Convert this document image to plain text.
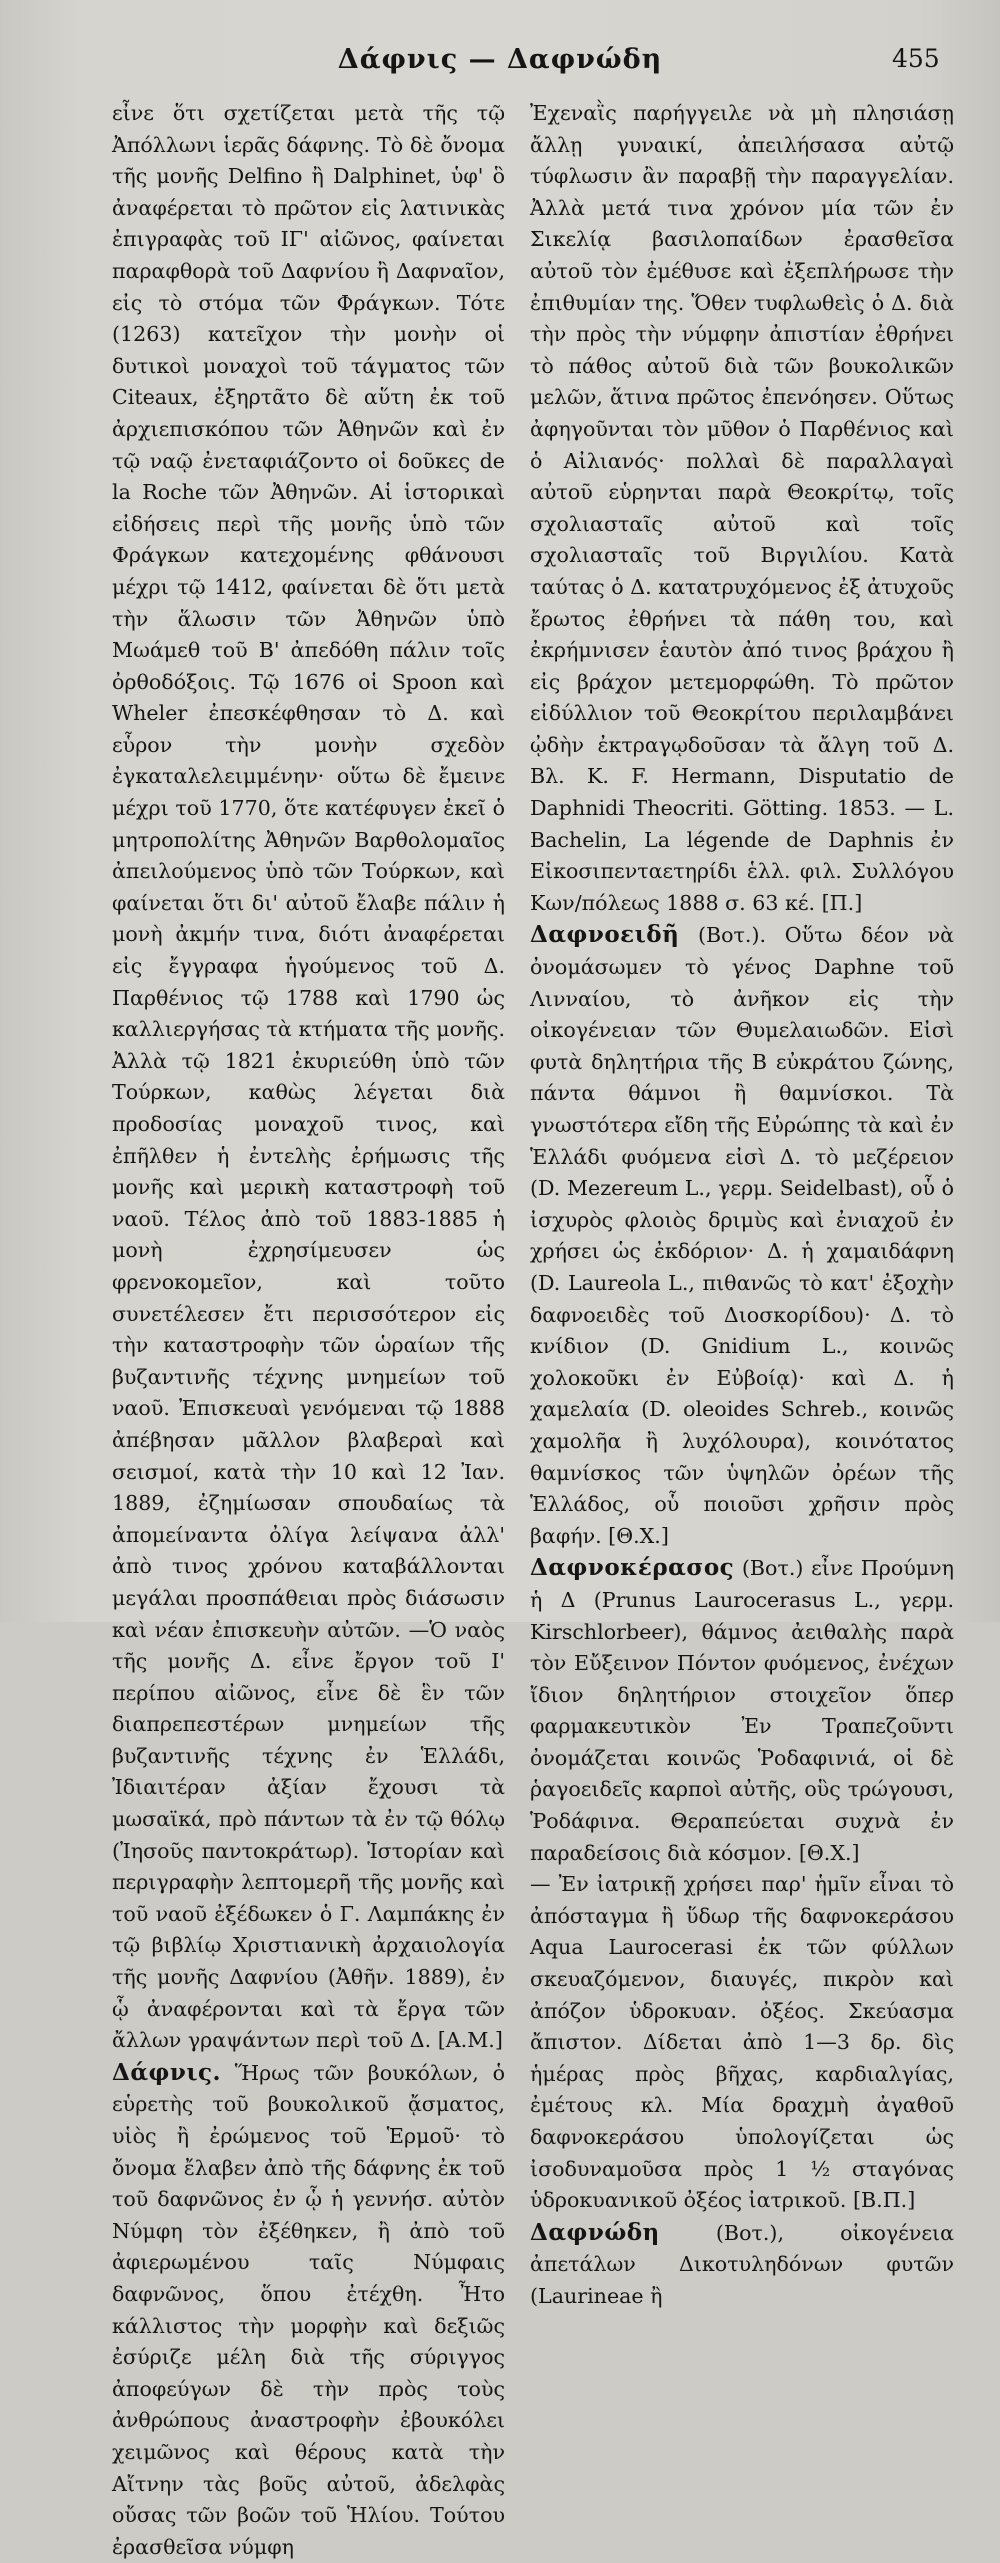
Δάφνις — Δαφνώδη	455

εἶνε ὅτι σχετίζεται μετὰ τῆς τῷ Ἀπόλλωνι ἱερᾶς δάφνης. Τὸ δὲ ὄνομα τῆς μονῆς Delfino ἢ Dalphinet, ὑφ' ὃ ἀναφέρεται τὸ πρῶτον εἰς λατινικὰς ἐπιγραφὰς τοῦ ΙΓ' αἰῶνος, φαίνεται παραφθορὰ τοῦ Δαφνίου ἢ Δαφναῖον, εἰς τὸ στόμα τῶν Φράγκων. Τότε (1263) κατεῖχον τὴν μονὴν οἱ δυτικοὶ μοναχοὶ τοῦ τάγματος τῶν Citeaux, ἐξηρτᾶτο δὲ αὕτη ἐκ τοῦ ἀρχιεπισκόπου τῶν Ἀθηνῶν καὶ ἐν τῷ ναῷ ἐνεταφιάζοντο οἱ δοῦκες de la Roche τῶν Ἀθηνῶν. Αἱ ἱστορικαὶ εἰδήσεις περὶ τῆς μονῆς ὑπὸ τῶν Φράγκων κατεχομένης φθάνουσι μέχρι τῷ 1412, φαίνεται δὲ ὅτι μετὰ τὴν ἅλωσιν τῶν Ἀθηνῶν ὑπὸ Μωάμεθ τοῦ Β' ἀπεδόθη πάλιν τοῖς ὀρθοδόξοις. Τῷ 1676 οἱ Spoon καὶ Wheler ἐπεσκέφθησαν τὸ Δ. καὶ εὗρον τὴν μονὴν σχεδὸν ἐγκαταλελειμμένην· οὕτω δὲ ἔμεινε μέχρι τοῦ 1770, ὅτε κατέφυγεν ἐκεῖ ὁ μητροπολίτης Ἀθηνῶν Βαρθολομαῖος ἀπειλούμενος ὑπὸ τῶν Τούρκων, καὶ φαίνεται ὅτι δι' αὐτοῦ ἔλαβε πάλιν ἡ μονὴ ἀκμήν τινα, διότι ἀναφέρεται εἰς ἔγγραφα ἡγούμενος τοῦ Δ. Παρθένιος τῷ 1788 καὶ 1790 ὡς καλλιεργήσας τὰ κτήματα τῆς μονῆς. Ἀλλὰ τῷ 1821 ἐκυριεύθη ὑπὸ τῶν Τούρκων, καθὼς λέγεται διὰ προδοσίας μοναχοῦ τινος, καὶ ἐπῆλθεν ἡ ἐντελὴς ἐρήμωσις τῆς μονῆς καὶ μερικὴ καταστροφὴ τοῦ ναοῦ. Τέλος ἀπὸ τοῦ 1883-1885 ἡ μονὴ ἐχρησίμευσεν ὡς φρενοκομεῖον, καὶ τοῦτο συνετέλεσεν ἔτι περισσότερον εἰς τὴν καταστροφὴν τῶν ὡραίων τῆς βυζαντινῆς τέχνης μνημείων τοῦ ναοῦ. Ἐπισκευαὶ γενόμεναι τῷ 1888 ἀπέβησαν μᾶλλον βλαβεραὶ καὶ σεισμοί, κατὰ τὴν 10 καὶ 12 Ἰαν. 1889, ἐζημίωσαν σπουδαίως τὰ ἀπομείναντα ὀλίγα λείψανα ἀλλ' ἀπὸ τινος χρόνου καταβάλλονται μεγάλαι προσπάθειαι πρὸς διάσωσιν καὶ νέαν ἐπισκευὴν αὐτῶν. —Ὁ ναὸς τῆς μονῆς Δ. εἶνε ἔργον τοῦ Ι' περίπου αἰῶνος, εἶνε δὲ ἓν τῶν διαπρεπεστέρων μνημείων τῆς βυζαντινῆς τέχνης ἐν Ἑλλάδι, Ἰδιαιτέραν ἀξίαν ἔχουσι τὰ μωσαϊκά, πρὸ πάντων τὰ ἐν τῷ θόλῳ (Ἰησοῦς παντοκράτωρ). Ἱστορίαν καὶ περιγραφὴν λεπτομερῆ τῆς μονῆς καὶ τοῦ ναοῦ ἐξέδωκεν ὁ Γ. Λαμπάκης ἐν τῷ βιβλίῳ Χριστιανικὴ ἀρχαιολογία τῆς μονῆς Δαφνίου (Ἀθῆν. 1889), ἐν ᾧ ἀναφέρονται καὶ τὰ ἔργα τῶν ἄλλων γραψάντων περὶ τοῦ Δ. [Α.Μ.]

Δάφνις. Ἥρως τῶν βουκόλων, ὁ εὑρετὴς τοῦ βουκολικοῦ ᾄσματος, υἱὸς ἢ ἐρώμενος τοῦ Ἑρμοῦ· τὸ ὄνομα ἔλαβεν ἀπὸ τῆς δάφνης ἐκ τοῦ τοῦ δαφνῶνος ἐν ᾧ ἡ γεννήσ. αὐτὸν Νύμφη τὸν ἐξέθηκεν, ἢ ἀπὸ τοῦ ἀφιερωμένου ταῖς Νύμφαις δαφνῶνος, ὅπου ἐτέχθη. Ἦτο κάλλιστος τὴν μορφὴν καὶ δεξιῶς ἐσύριζε μέλη διὰ τῆς σύριγγος ἀποφεύγων δὲ τὴν πρὸς τοὺς ἀνθρώπους ἀναστροφὴν ἐβουκόλει χειμῶνος καὶ θέρους κατὰ τὴν Αἴτνην τὰς βοῦς αὐτοῦ, ἀδελφὰς οὔσας τῶν βοῶν τοῦ Ἡλίου. Τούτου ἐρασθεῖσα νύμφη

Ἐχεναῒς παρήγγειλε νὰ μὴ πλησιάσῃ ἄλλῃ γυναικί, ἀπειλήσασα αὐτῷ τύφλωσιν ἂν παραβῇ τὴν παραγγελίαν. Ἀλλὰ μετά τινα χρόνον μία τῶν ἐν Σικελίᾳ βασιλοπαίδων ἐρασθεῖσα αὐτοῦ τὸν ἐμέθυσε καὶ ἐξεπλήρωσε τὴν ἐπιθυμίαν της. Ὅθεν τυφλωθεὶς ὁ Δ. διὰ τὴν πρὸς τὴν νύμφην ἀπιστίαν ἐθρήνει τὸ πάθος αὐτοῦ διὰ τῶν βουκολικῶν μελῶν, ἅτινα πρῶτος ἐπενόησεν. Οὕτως ἀφηγοῦνται τὸν μῦθον ὁ Παρθένιος καὶ ὁ Αἰλιανός· πολλαὶ δὲ παραλλαγαὶ αὐτοῦ εὑρηνται παρὰ Θεοκρίτῳ, τοῖς σχολιασταῖς αὐτοῦ καὶ τοῖς σχολιασταῖς τοῦ Βιργιλίου. Κατὰ ταύτας ὁ Δ. κατατρυχόμενος ἐξ ἀτυχοῦς ἔρωτος ἐθρήνει τὰ πάθη του, καὶ ἐκρήμνισεν ἑαυτὸν ἀπό τινος βράχου ἢ εἰς βράχον μετεμορφώθη. Τὸ πρῶτον εἰδύλλιον τοῦ Θεοκρίτου περιλαμβάνει ᾠδὴν ἐκτραγῳδοῦσαν τὰ ἄλγη τοῦ Δ. Βλ. K. F. Hermann, Disputatio de Daphnidi Theocriti. Götting. 1853. — L. Bachelin, La légende de Daphnis ἐν Εἰκοσιπενταετηρίδι ἑλλ. φιλ. Συλλόγου Κων/πόλεως 1888 σ. 63 κέ. [Π.]

Δαφνοειδῆ (Βοτ.). Οὕτω δέον νὰ ὀνομάσωμεν τὸ γένος Daphne τοῦ Λινναίου, τὸ ἀνῆκον εἰς τὴν οἰκογένειαν τῶν Θυμελαιωδῶν. Εἰσὶ φυτὰ δηλητήρια τῆς Β εὐκράτου ζώνης, πάντα θάμνοι ἢ θαμνίσκοι. Τὰ γνωστότερα εἴδη τῆς Εὐρώπης τὰ καὶ ἐν Ἑλλάδι φυόμενα εἰσὶ Δ. τὸ μεζέρειον (D. Mezereum L., γερμ. Seidelbast), οὗ ὁ ἰσχυρὸς φλοιὸς δριμὺς καὶ ἐνιαχοῦ ἐν χρήσει ὡς ἐκδόριον· Δ. ἡ χαμαιδάφνη (D. Laureola L., πιθανῶς τὸ κατ' ἐξοχὴν δαφνοειδὲς τοῦ Διοσκορίδου)· Δ. τὸ κνίδιον (D. Gnidium L., κοινῶς χολοκοῦκι ἐν Εὐβοίᾳ)· καὶ Δ. ἡ χαμελαία (D. oleoides Schreb., κοινῶς χαμολῆα ἢ λυχόλουρα), κοινότατος θαμνίσκος τῶν ὑψηλῶν ὀρέων τῆς Ἑλλάδος, οὗ ποιοῦσι χρῆσιν πρὸς βαφήν. [Θ.Χ.]

Δαφνοκέρασος (Βοτ.) εἶνε Προύμνη ἡ Δ (Prunus Laurocerasus L., γερμ. Kirschlorbeer), θάμνος ἀειθαλὴς παρὰ τὸν Εὔξεινον Πόντον φυόμενος, ἐνέχων ἴδιον δηλητήριον στοιχεῖον ὅπερ φαρμακευτικὸν Ἐν Τραπεζοῦντι ὀνομάζεται κοινῶς Ῥοδαφινιά, οἱ δὲ ῥαγοειδεῖς καρποὶ αὐτῆς, οὓς τρώγουσι, Ῥοδάφινα. Θεραπεύεται συχνὰ ἐν παραδείσοις διὰ κόσμον. [Θ.Χ.]

— Ἐν ἰατρικῇ χρήσει παρ' ἡμῖν εἶναι τὸ ἀπόσταγμα ἢ ὕδωρ τῆς δαφνοκεράσου Aqua Laurocerasi ἐκ τῶν φύλλων σκευαζόμενον, διαυγές, πικρὸν καὶ ἀπόζον ὑδροκυαν. ὀξέος. Σκεύασμα ἄπιστον. Δίδεται ἀπὸ 1—3 δρ. δὶς ἡμέρας πρὸς βῆχας, καρδιαλγίας, ἐμέτους κλ. Μία δραχμὴ ἀγαθοῦ δαφνοκεράσου ὑπολογίζεται ὡς ἰσοδυναμοῦσα πρὸς 1 ½ σταγόνας ὑδροκυανικοῦ ὀξέος ἰατρικοῦ. [Β.Π.]

Δαφνώδη (Βοτ.), οἰκογένεια ἀπετάλων Δικοτυληδόνων φυτῶν (Laurineae ἢ
